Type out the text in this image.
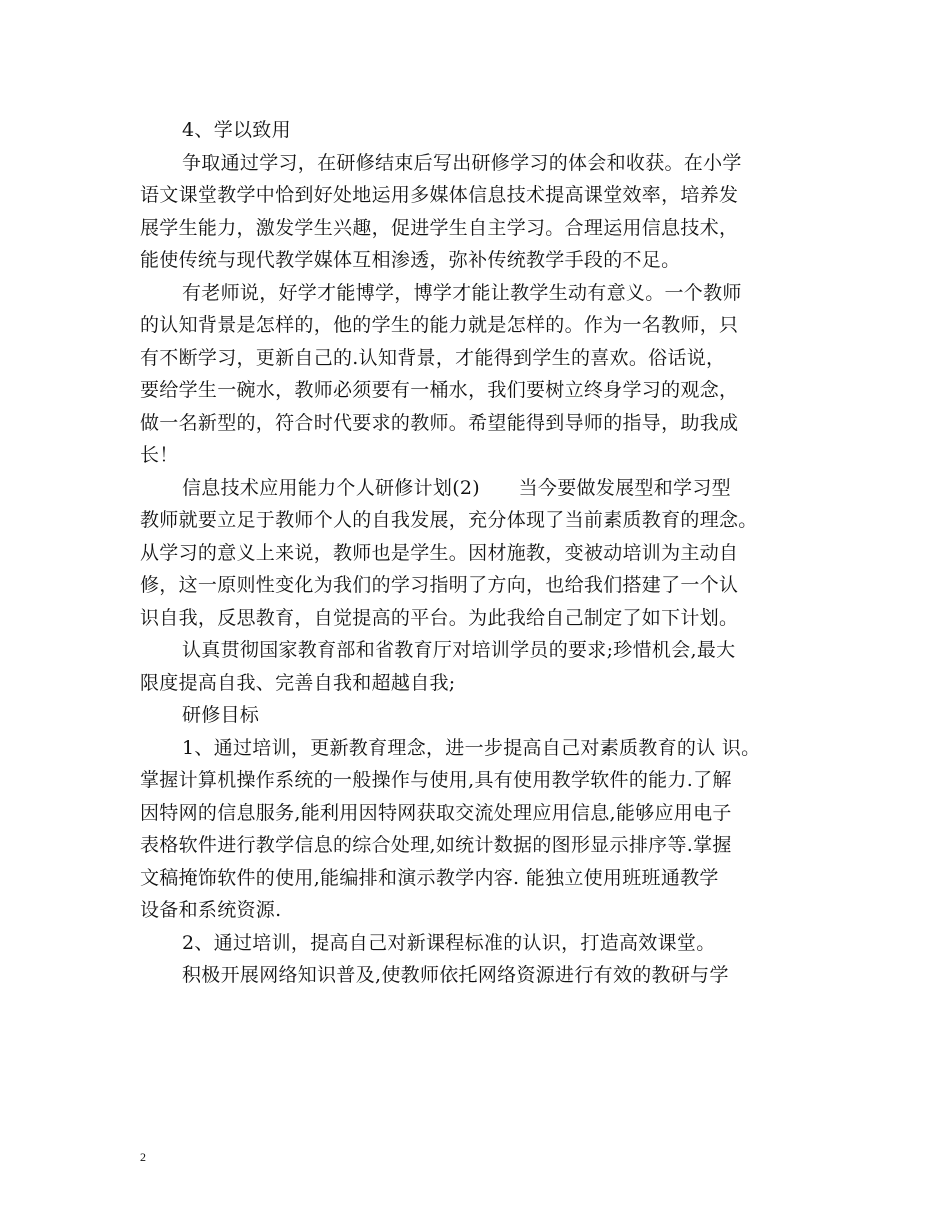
4、学以致用
争取通过学习，在研修结束后写出研修学习的体会和收获。在小学
语文课堂教学中恰到好处地运用多媒体信息技术提高课堂效率，培养发
展学生能力，激发学生兴趣，促进学生自主学习。合理运用信息技术，
能使传统与现代教学媒体互相渗透，弥补传统教学手段的不足。
有老师说，好学才能博学，博学才能让教学生动有意义。一个教师
的认知背景是怎样的，他的学生的能力就是怎样的。作为一名教师，只
有不断学习，更新自己的.认知背景，才能得到学生的喜欢。俗话说，
要给学生一碗水，教师必须要有一桶水，我们要树立终身学习的观念，
做一名新型的，符合时代要求的教师。希望能得到导师的指导，助我成
长！
信息技术应用能力个人研修计划(2)　　当今要做发展型和学习型
教师就要立足于教师个人的自我发展，充分体现了当前素质教育的理念。
从学习的意义上来说，教师也是学生。因材施教，变被动培训为主动自
修，这一原则性变化为我们的学习指明了方向，也给我们搭建了一个认
识自我，反思教育，自觉提高的平台。为此我给自己制定了如下计划。
认真贯彻国家教育部和省教育厅对培训学员的要求;珍惜机会,最大
限度提高自我、完善自我和超越自我;
研修目标
1、通过培训，更新教育理念，进一步提高自己对素质教育的认 识。
掌握计算机操作系统的一般操作与使用,具有使用教学软件的能力.了解
因特网的信息服务,能利用因特网获取交流处理应用信息,能够应用电子
表格软件进行教学信息的综合处理,如统计数据的图形显示排序等.掌握
文稿掩饰软件的使用,能编排和演示教学内容. 能独立使用班班通教学
设备和系统资源.
2、通过培训，提高自己对新课程标准的认识，打造高效课堂。
积极开展网络知识普及,使教师依托网络资源进行有效的教研与学
2
